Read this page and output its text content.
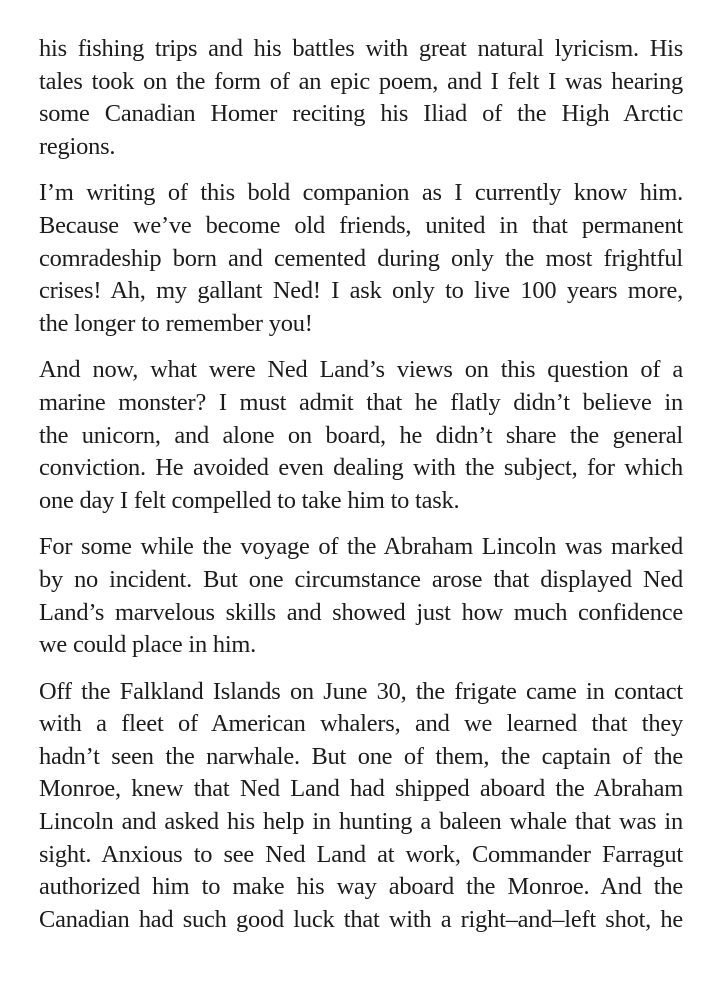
his fishing trips and his battles with great natural lyricism. His
tales took on the form of an epic poem, and I felt I was hearing
some Canadian Homer reciting his Iliad of the High Arctic
regions.

I’m writing of this bold companion as I currently know him.
Because we’ve become old friends, united in that permanent
comradeship born and cemented during only the most frightful
crises! Ah, my gallant Ned! I ask only to live 100 years more,
the longer to remember you!

And now, what were Ned Land’s views on this question of a
marine monster? I must admit that he flatly didn’t believe in
the unicorn, and alone on board, he didn’t share the general
conviction. He avoided even dealing with the subject, for which
one day I felt compelled to take him to task.

For some while the voyage of the Abraham Lincoln was marked
by no incident. But one circumstance arose that displayed Ned
Land’s marvelous skills and showed just how much confidence
we could place in him.

Off the Falkland Islands on June 30, the frigate came in contact
with a fleet of American whalers, and we learned that they
hadn’t seen the narwhale. But one of them, the captain of the
Monroe, knew that Ned Land had shipped aboard the Abraham
Lincoln and asked his help in hunting a baleen whale that was in
sight. Anxious to see Ned Land at work, Commander Farragut
authorized him to make his way aboard the Monroe. And the
Canadian had such good luck that with a right–and–left shot, he
